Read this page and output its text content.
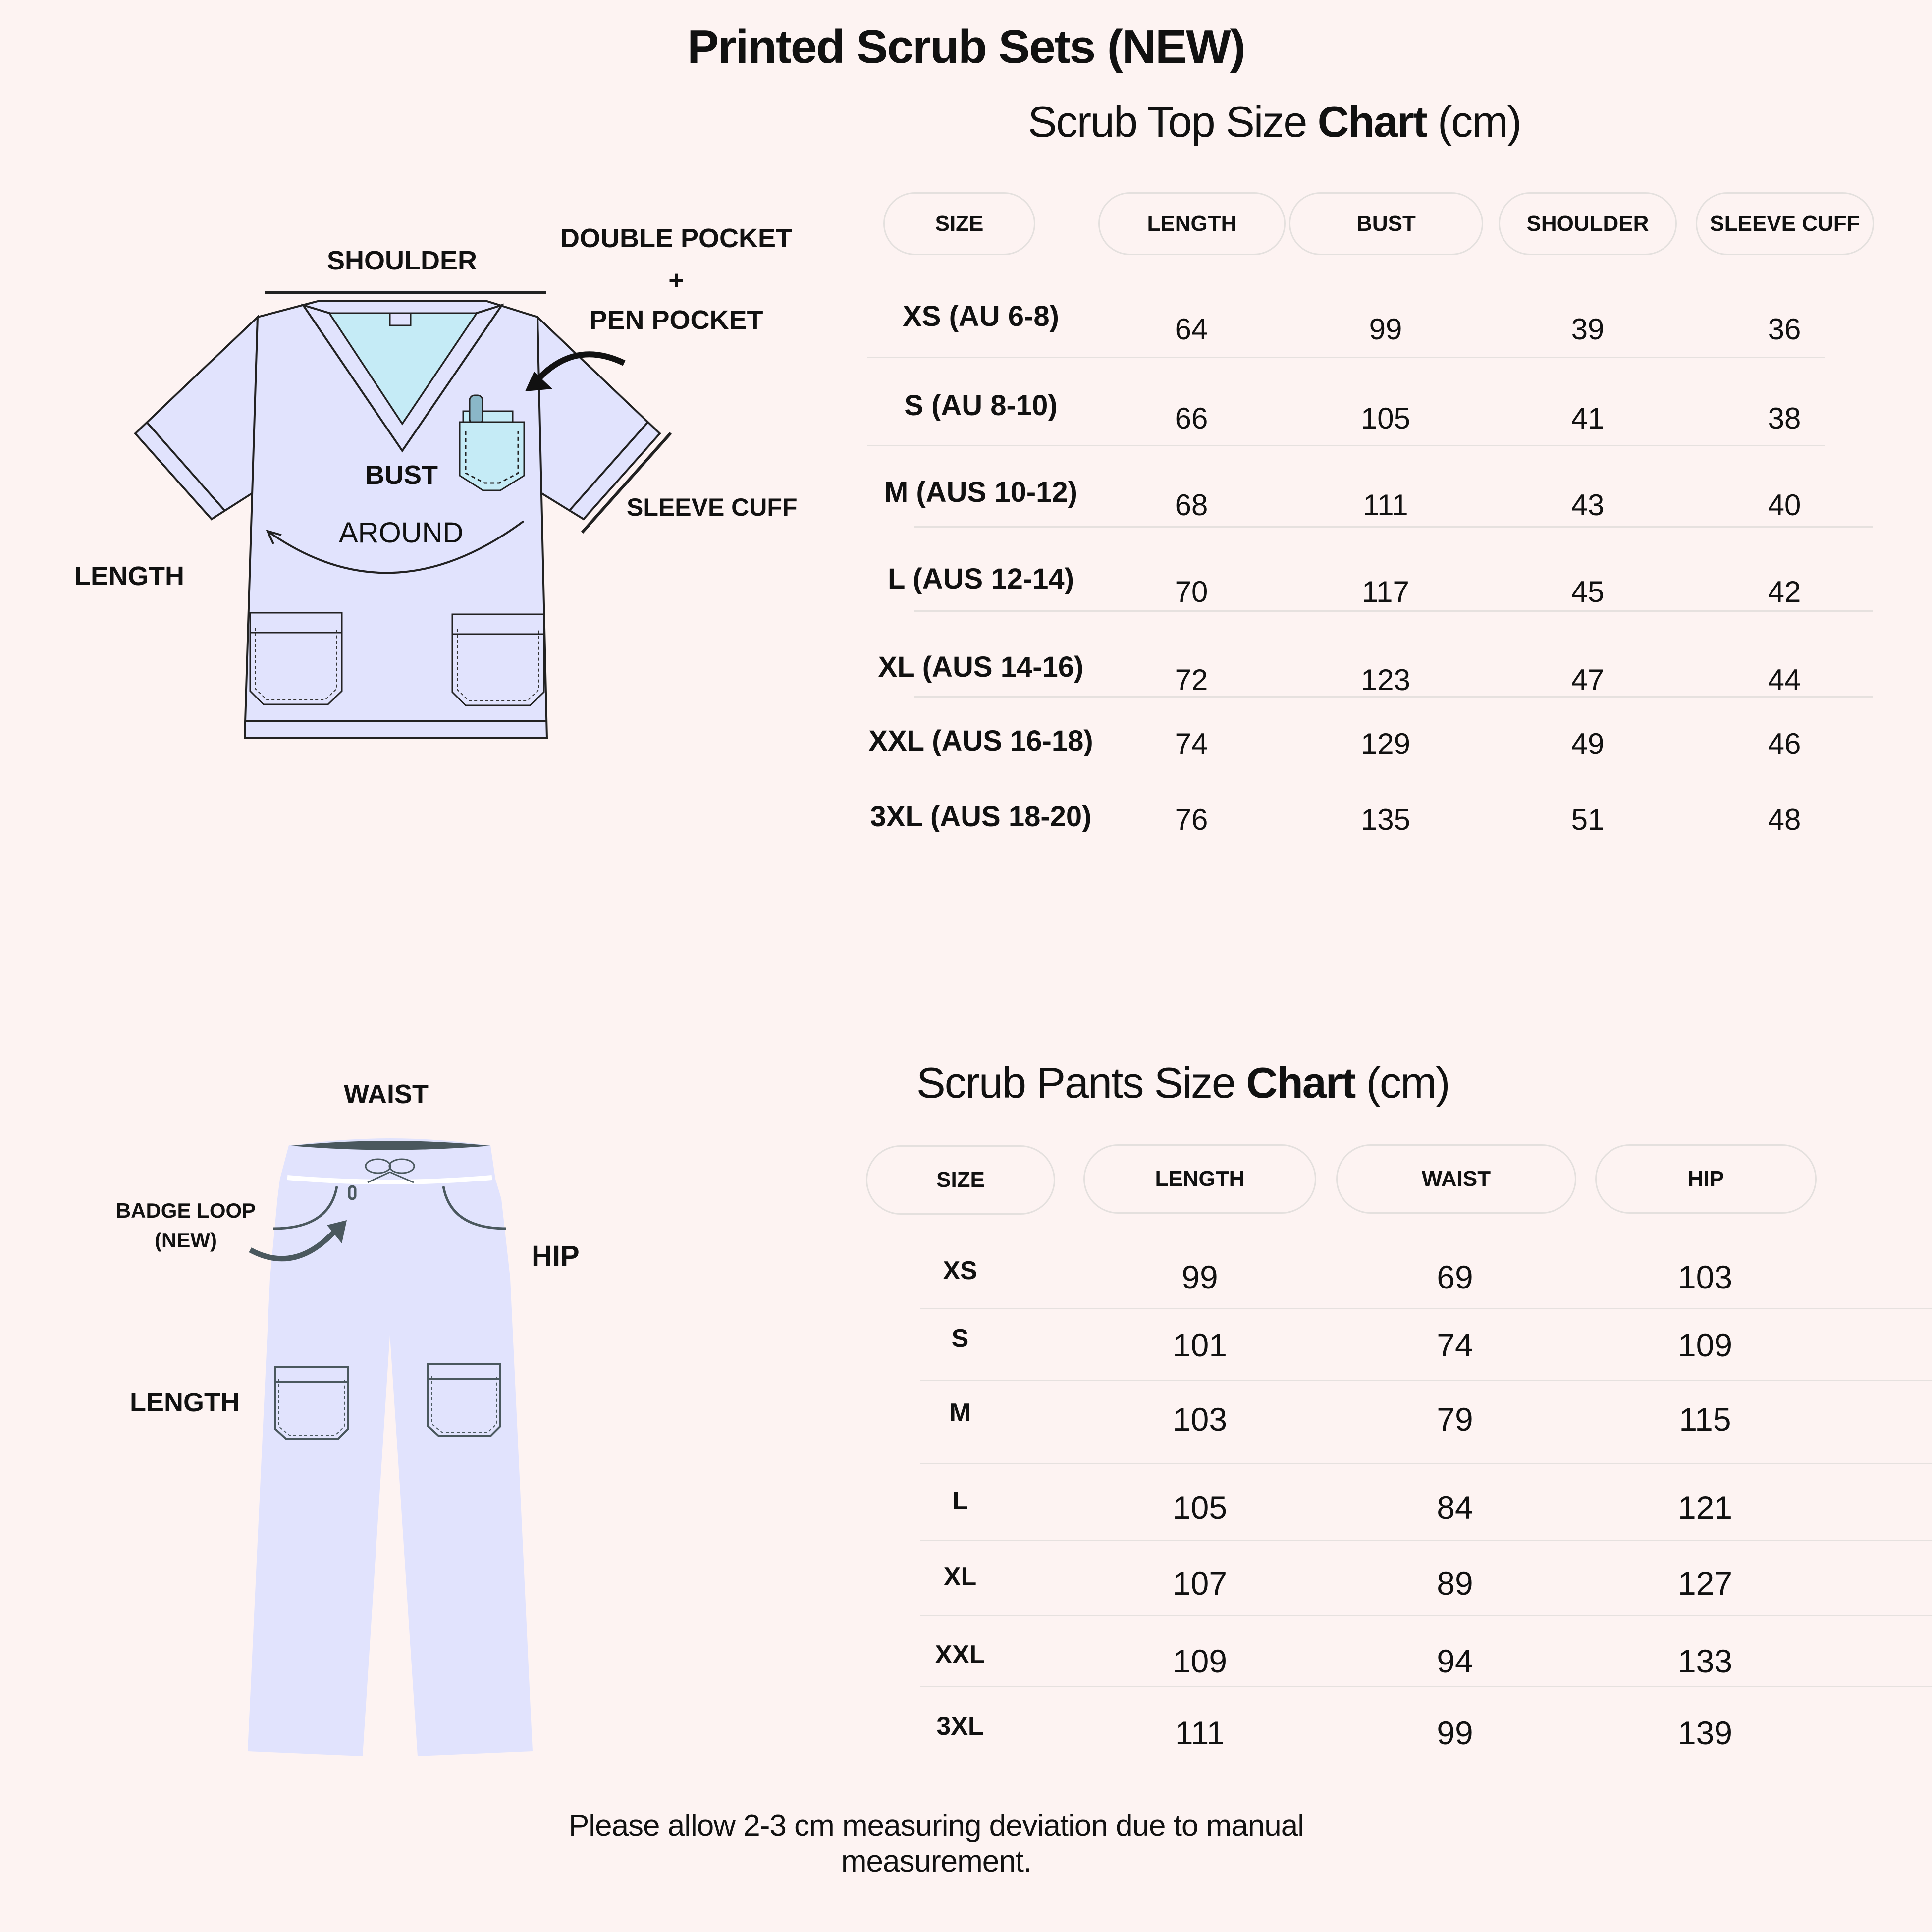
Printed Scrub Sets (NEW)
SHOULDER
DOUBLE POCKET
+
PEN POCKET
BUST
AROUND
SLEEVE CUFF
LENGTH
Scrub Top Size Chart (cm)
SIZE	LENGTH	BUST	SHOULDER	SLEEVE CUFF
XS (AU 6-8)	64	99	39	36
S (AU 8-10)	66	105	41	38
M (AUS 10-12)	68	111	43	40
L (AUS 12-14)	70	117	45	42
XL (AUS 14-16)	72	123	47	44
XXL (AUS 16-18)	74	129	49	46
3XL (AUS 18-20)	76	135	51	48
WAIST
BADGE LOOP
(NEW)	HIP
LENGTH
Scrub Pants Size Chart (cm)
SIZE	LENGTH	WAIST	HIP
XS	99	69	103
S	101	74	109
M	103	79	115
L	105	84	121
XL	107	89	127
XXL	109	94	133
3XL	111	99	139
Please allow 2-3 cm measuring deviation due to manual
measurement.
